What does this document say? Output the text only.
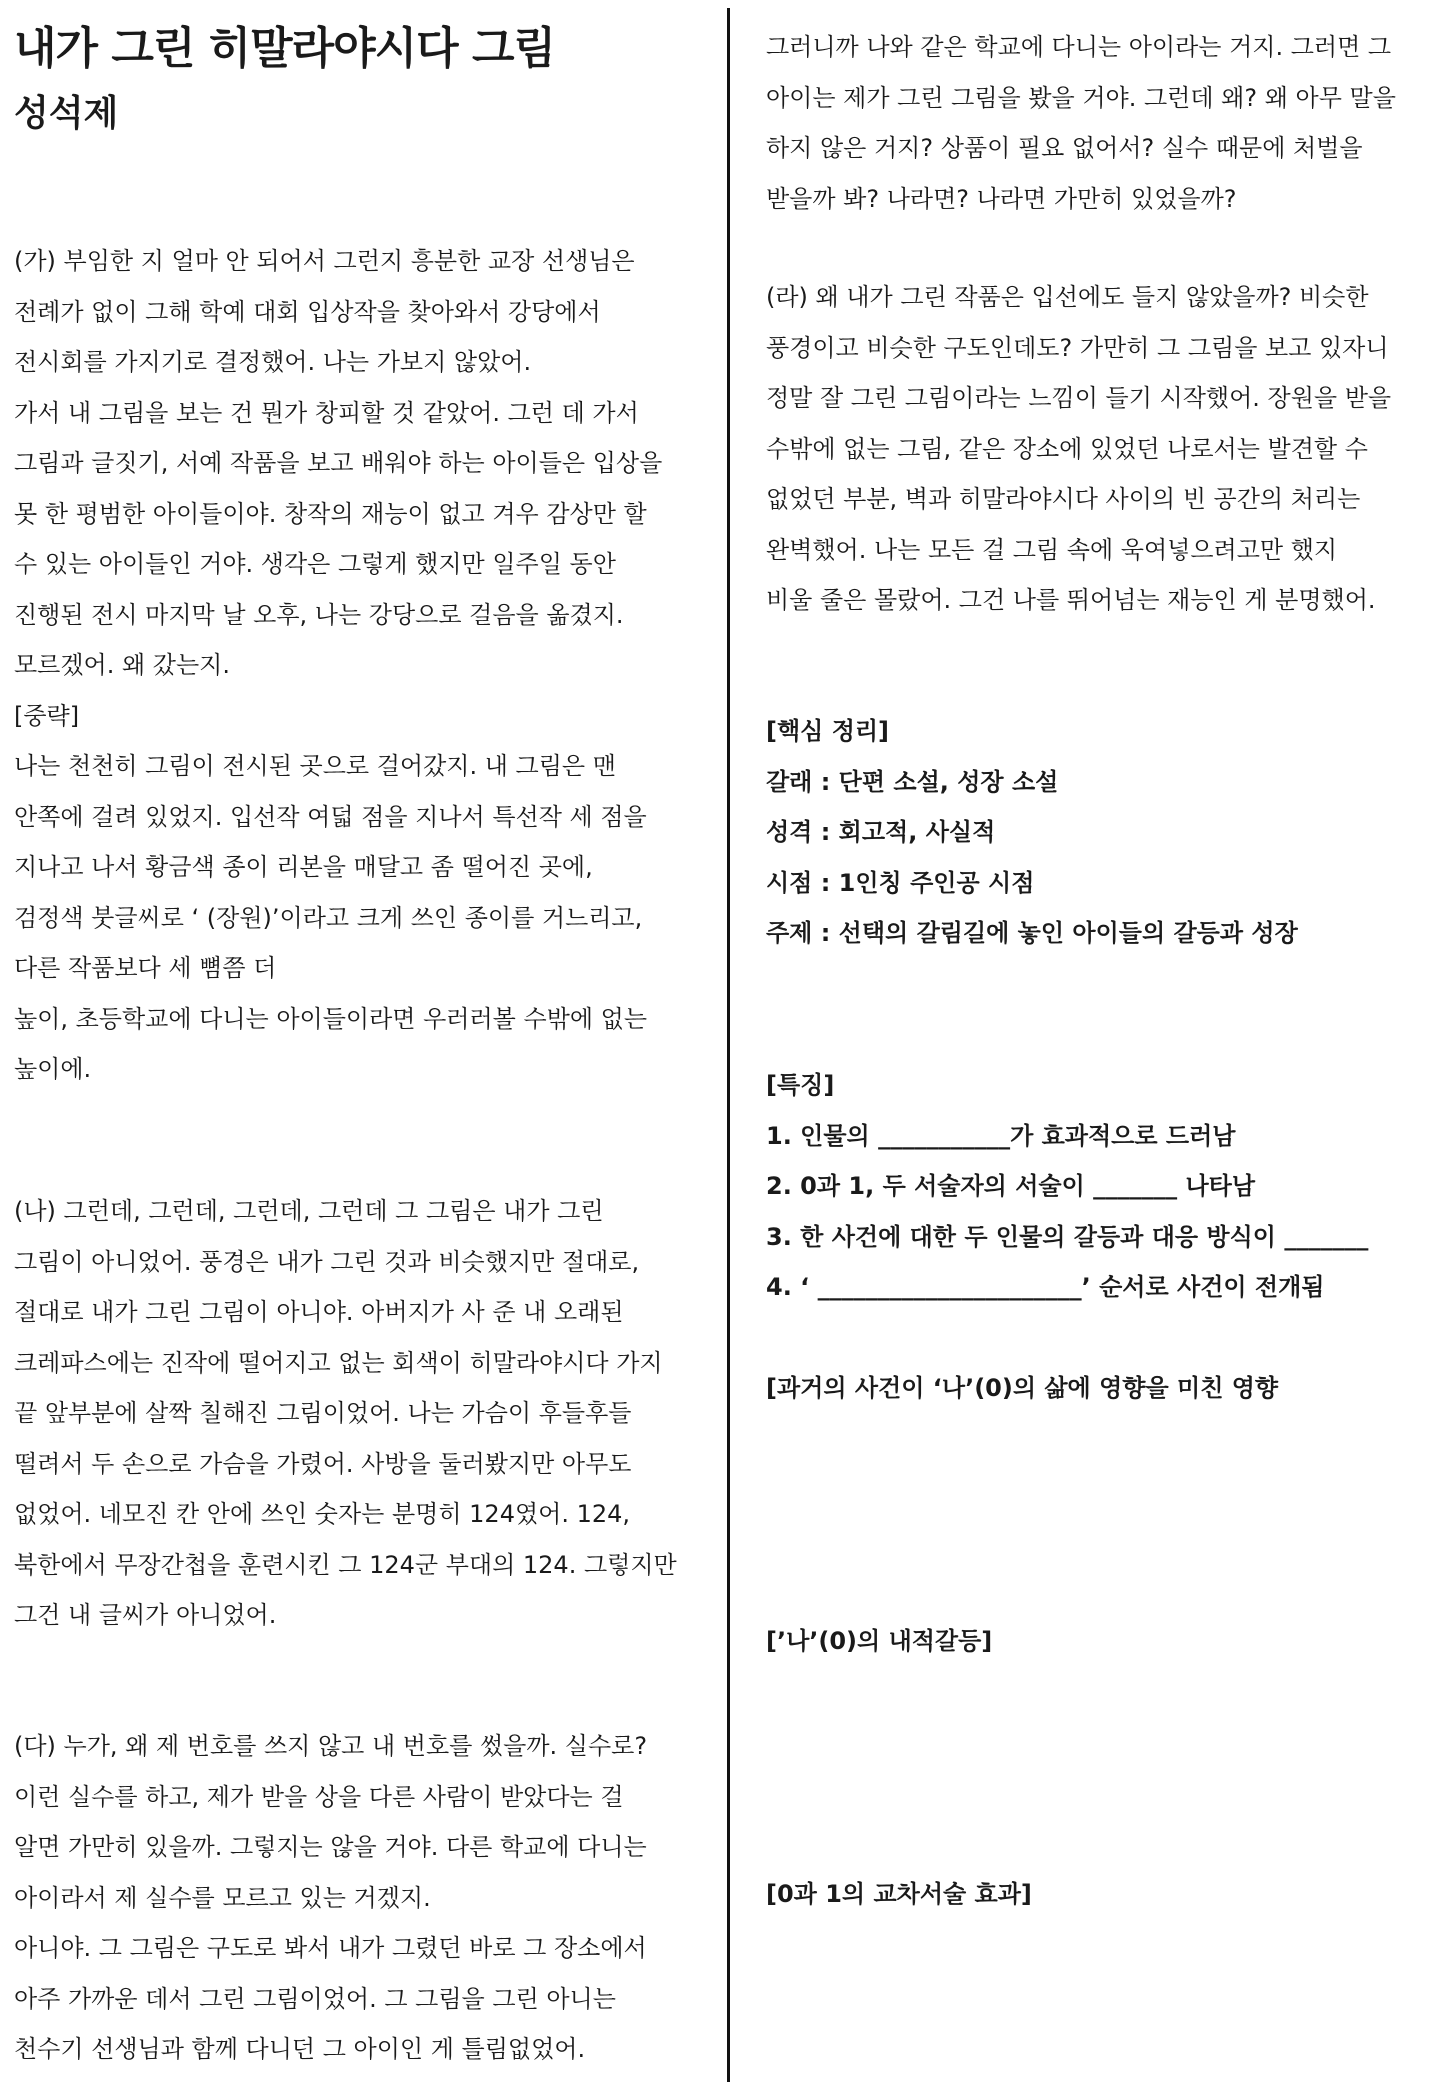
내가 그린 히말라야시다 그림
성석제
(가) 부임한 지 얼마 안 되어서 그런지 흥분한 교장 선생님은
전례가 없이 그해 학예 대회 입상작을 찾아와서 강당에서
전시회를 가지기로 결정했어. 나는 가보지 않았어.
가서 내 그림을 보는 건 뭔가 창피할 것 같았어. 그런 데 가서
그림과 글짓기, 서예 작품을 보고 배워야 하는 아이들은 입상을
못 한 평범한 아이들이야. 창작의 재능이 없고 겨우 감상만 할
수 있는 아이들인 거야. 생각은 그렇게 했지만 일주일 동안
진행된 전시 마지막 날 오후, 나는 강당으로 걸음을 옮겼지.
모르겠어. 왜 갔는지.
[중략]
나는 천천히 그림이 전시된 곳으로 걸어갔지. 내 그림은 맨
안쪽에 걸려 있었지. 입선작 여덟 점을 지나서 특선작 세 점을
지나고 나서 황금색 종이 리본을 매달고 좀 떨어진 곳에,
검정색 붓글씨로 ‘ (장원)’이라고 크게 쓰인 종이를 거느리고,
다른 작품보다 세 뼘쯤 더
높이, 초등학교에 다니는 아이들이라면 우러러볼 수밖에 없는
높이에.
(나) 그런데, 그런데, 그런데, 그런데 그 그림은 내가 그린
그림이 아니었어. 풍경은 내가 그린 것과 비슷했지만 절대로,
절대로 내가 그린 그림이 아니야. 아버지가 사 준 내 오래된
크레파스에는 진작에 떨어지고 없는 회색이 히말라야시다 가지
끝 앞부분에 살짝 칠해진 그림이었어. 나는 가슴이 후들후들
떨려서 두 손으로 가슴을 가렸어. 사방을 둘러봤지만 아무도
없었어. 네모진 칸 안에 쓰인 숫자는 분명히 124였어. 124,
북한에서 무장간첩을 훈련시킨 그 124군 부대의 124. 그렇지만
그건 내 글씨가 아니었어.
(다) 누가, 왜 제 번호를 쓰지 않고 내 번호를 썼을까. 실수로?
이런 실수를 하고, 제가 받을 상을 다른 사람이 받았다는 걸
알면 가만히 있을까. 그렇지는 않을 거야. 다른 학교에 다니는
아이라서 제 실수를 모르고 있는 거겠지.
아니야. 그 그림은 구도로 봐서 내가 그렸던 바로 그 장소에서
아주 가까운 데서 그린 그림이었어. 그 그림을 그린 아니는
천수기 선생님과 함께 다니던 그 아이인 게 틀림없었어.
그러니까 나와 같은 학교에 다니는 아이라는 거지. 그러면 그
아이는 제가 그린 그림을 봤을 거야. 그런데 왜? 왜 아무 말을
하지 않은 거지? 상품이 필요 없어서? 실수 때문에 처벌을
받을까 봐? 나라면? 나라면 가만히 있었을까?
(라) 왜 내가 그린 작품은 입선에도 들지 않았을까? 비슷한
풍경이고 비슷한 구도인데도? 가만히 그 그림을 보고 있자니
정말 잘 그린 그림이라는 느낌이 들기 시작했어. 장원을 받을
수밖에 없는 그림, 같은 장소에 있었던 나로서는 발견할 수
없었던 부분, 벽과 히말라야시다 사이의 빈 공간의 처리는
완벽했어. 나는 모든 걸 그림 속에 욱여넣으려고만 했지
비울 줄은 몰랐어. 그건 나를 뛰어넘는 재능인 게 분명했어.
[핵심 정리]
갈래 : 단편 소설, 성장 소설
성격 : 회고적, 사실적
시점 : 1인칭 주인공 시점
주제 : 선택의 갈림길에 놓인 아이들의 갈등과 성장
[특징]
1. 인물의 ___________가 효과적으로 드러남
2. 0과 1, 두 서술자의 서술이 _______ 나타남
3. 한 사건에 대한 두 인물의 갈등과 대응 방식이 _______
4. ‘ ______________________’ 순서로 사건이 전개됨
[과거의 사건이 ‘나’(0)의 삶에 영향을 미친 영향
[’나’(0)의 내적갈등]
[0과 1의 교차서술 효과]
